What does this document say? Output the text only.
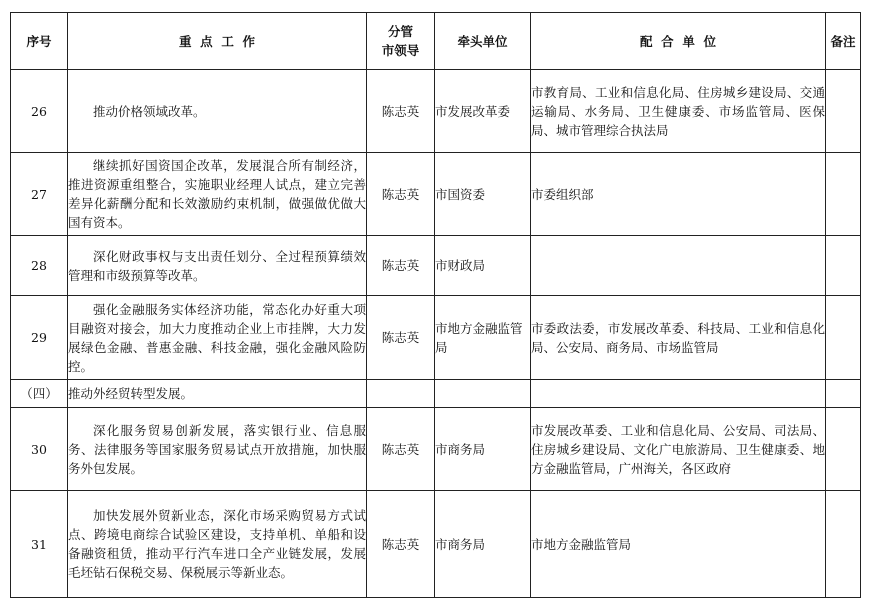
序号	重  点  工  作	分管
市领导	牵头单位	配  合  单  位	备注
26	推动价格领域改革。	陈志英	市发展改革委	市教育局、工业和信息化局、住房城乡建设局、交通运输局、水务局、卫生健康委、市场监管局、医保局、城市管理综合执法局	
27	继续抓好国资国企改革，发展混合所有制经济，推进资源重组整合，实施职业经理人试点，建立完善差异化薪酬分配和长效激励约束机制，做强做优做大国有资本。	陈志英	市国资委	市委组织部	
28	深化财政事权与支出责任划分、全过程预算绩效管理和市级预算等改革。	陈志英	市财政局		
29	强化金融服务实体经济功能，常态化办好重大项目融资对接会，加大力度推动企业上市挂牌，大力发展绿色金融、普惠金融、科技金融，强化金融风险防控。	陈志英	市地方金融监管局	市委政法委，市发展改革委、科技局、工业和信息化局、公安局、商务局、市场监管局	
（四）	推动外经贸转型发展。				
30	深化服务贸易创新发展，落实银行业、信息服务、法律服务等国家服务贸易试点开放措施，加快服务外包发展。	陈志英	市商务局	市发展改革委、工业和信息化局、公安局、司法局、住房城乡建设局、文化广电旅游局、卫生健康委、地方金融监管局，广州海关，各区政府	
31	加快发展外贸新业态，深化市场采购贸易方式试点、跨境电商综合试验区建设，支持单机、单船和设备融资租赁，推动平行汽车进口全产业链发展，发展毛坯钻石保税交易、保税展示等新业态。	陈志英	市商务局	市地方金融监管局	
